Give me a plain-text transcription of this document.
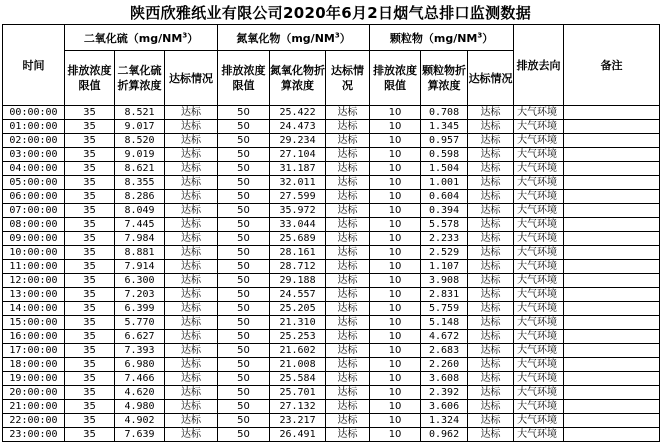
陕西欣雅纸业有限公司2020年6月2日烟气总排口监测数据
时间	二氧化硫$(mg/NM^3)$			氮氧化物$(mg/NM^3)$			颗粒物$(mg/NM^3)$			排放去向	备注
	排放浓度限值	二氧化硫折算浓度	达标情况	排放浓度限值	氮氧化物折算浓度	达标情况	排放浓度限值	颗粒物折算浓度	达标情况		
00:00:00	35	8.521	达标	50	25.422	达标	10	0.708	达标	大气环境	
01:00:00	35	9.017	达标	50	24.473	达标	10	1.345	达标	大气环境	
02:00:00	35	8.520	达标	50	29.234	达标	10	0.957	达标	大气环境	
03:00:00	35	9.019	达标	50	27.104	达标	10	0.598	达标	大气环境	
04:00:00	35	8.621	达标	50	31.187	达标	10	1.504	达标	大气环境	
05:00:00	35	8.355	达标	50	32.011	达标	10	1.001	达标	大气环境	
06:00:00	35	8.286	达标	50	27.599	达标	10	0.604	达标	大气环境	
07:00:00	35	8.049	达标	50	35.972	达标	10	0.394	达标	大气环境	
08:00:00	35	7.445	达标	50	33.044	达标	10	5.578	达标	大气环境	
09:00:00	35	7.984	达标	50	25.689	达标	10	2.233	达标	大气环境	
10:00:00	35	8.881	达标	50	28.161	达标	10	2.529	达标	大气环境	
11:00:00	35	7.914	达标	50	28.712	达标	10	1.107	达标	大气环境	
12:00:00	35	6.300	达标	50	29.188	达标	10	3.908	达标	大气环境	
13:00:00	35	7.203	达标	50	24.557	达标	10	2.831	达标	大气环境	
14:00:00	35	6.399	达标	50	25.205	达标	10	5.759	达标	大气环境	
15:00:00	35	5.770	达标	50	21.310	达标	10	5.148	达标	大气环境	
16:00:00	35	6.627	达标	50	25.253	达标	10	4.672	达标	大气环境	
17:00:00	35	7.393	达标	50	21.602	达标	10	2.683	达标	大气环境	
18:00:00	35	6.980	达标	50	21.008	达标	10	2.260	达标	大气环境	
19:00:00	35	7.466	达标	50	25.584	达标	10	3.608	达标	大气环境	
20:00:00	35	4.620	达标	50	25.701	达标	10	2.392	达标	大气环境	
21:00:00	35	4.980	达标	50	27.132	达标	10	3.606	达标	大气环境	
22:00:00	35	4.902	达标	50	23.217	达标	10	1.324	达标	大气环境	
23:00:00	35	7.639	达标	50	26.491	达标	10	0.962	达标	大气环境	
